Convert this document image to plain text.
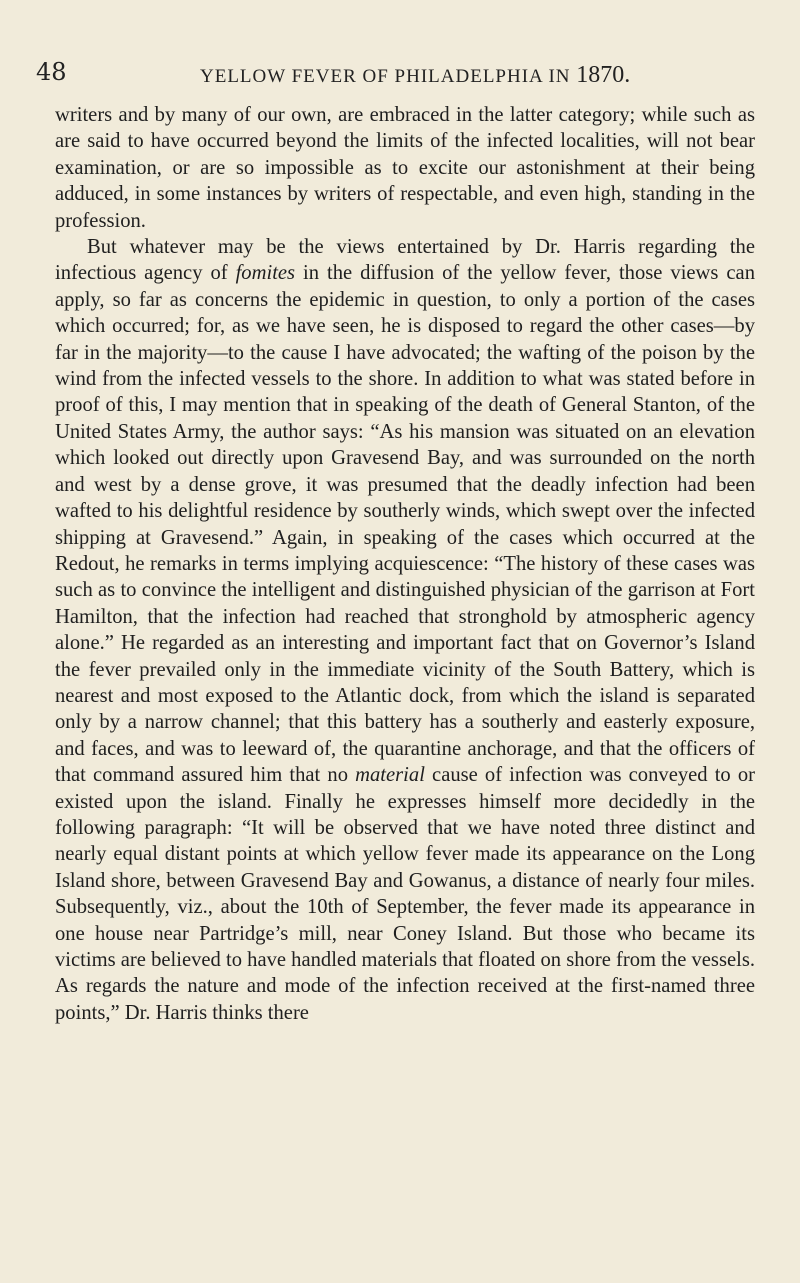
48	YELLOW FEVER OF PHILADELPHIA IN 1870.

writers and by many of our own, are embraced in the latter category; while such as are said to have occurred beyond the limits of the infected localities, will not bear examination, or are so impossible as to excite our astonishment at their being adduced, in some instances by writers of respectable, and even high, standing in the profession.

But whatever may be the views entertained by Dr. Harris regarding the infectious agency of fomites in the diffusion of the yellow fever, those views can apply, so far as concerns the epidemic in question, to only a portion of the cases which occurred; for, as we have seen, he is disposed to regard the other cases—by far in the majority—to the cause I have advocated; the wafting of the poison by the wind from the infected vessels to the shore. In addition to what was stated before in proof of this, I may mention that in speaking of the death of General Stanton, of the United States Army, the author says: “As his mansion was situated on an elevation which looked out directly upon Gravesend Bay, and was surrounded on the north and west by a dense grove, it was presumed that the deadly infection had been wafted to his delightful residence by southerly winds, which swept over the infected shipping at Gravesend.” Again, in speaking of the cases which occurred at the Redout, he remarks in terms implying acquiescence: “The history of these cases was such as to convince the intelligent and distinguished physician of the garrison at Fort Hamilton, that the infection had reached that stronghold by atmospheric agency alone.” He regarded as an interesting and important fact that on Governor’s Island the fever prevailed only in the immediate vicinity of the South Battery, which is nearest and most exposed to the Atlantic dock, from which the island is separated only by a narrow channel; that this battery has a southerly and easterly exposure, and faces, and was to leeward of, the quarantine anchorage, and that the officers of that command assured him that no material cause of infection was conveyed to or existed upon the island. Finally he expresses himself more decidedly in the following paragraph: “It will be observed that we have noted three distinct and nearly equal distant points at which yellow fever made its appearance on the Long Island shore, between Gravesend Bay and Gowanus, a distance of nearly four miles. Subsequently, viz., about the 10th of September, the fever made its appearance in one house near Partridge’s mill, near Coney Island. But those who became its victims are believed to have handled materials that floated on shore from the vessels. As regards the nature and mode of the infection received at the first-named three points,” Dr. Harris thinks there
